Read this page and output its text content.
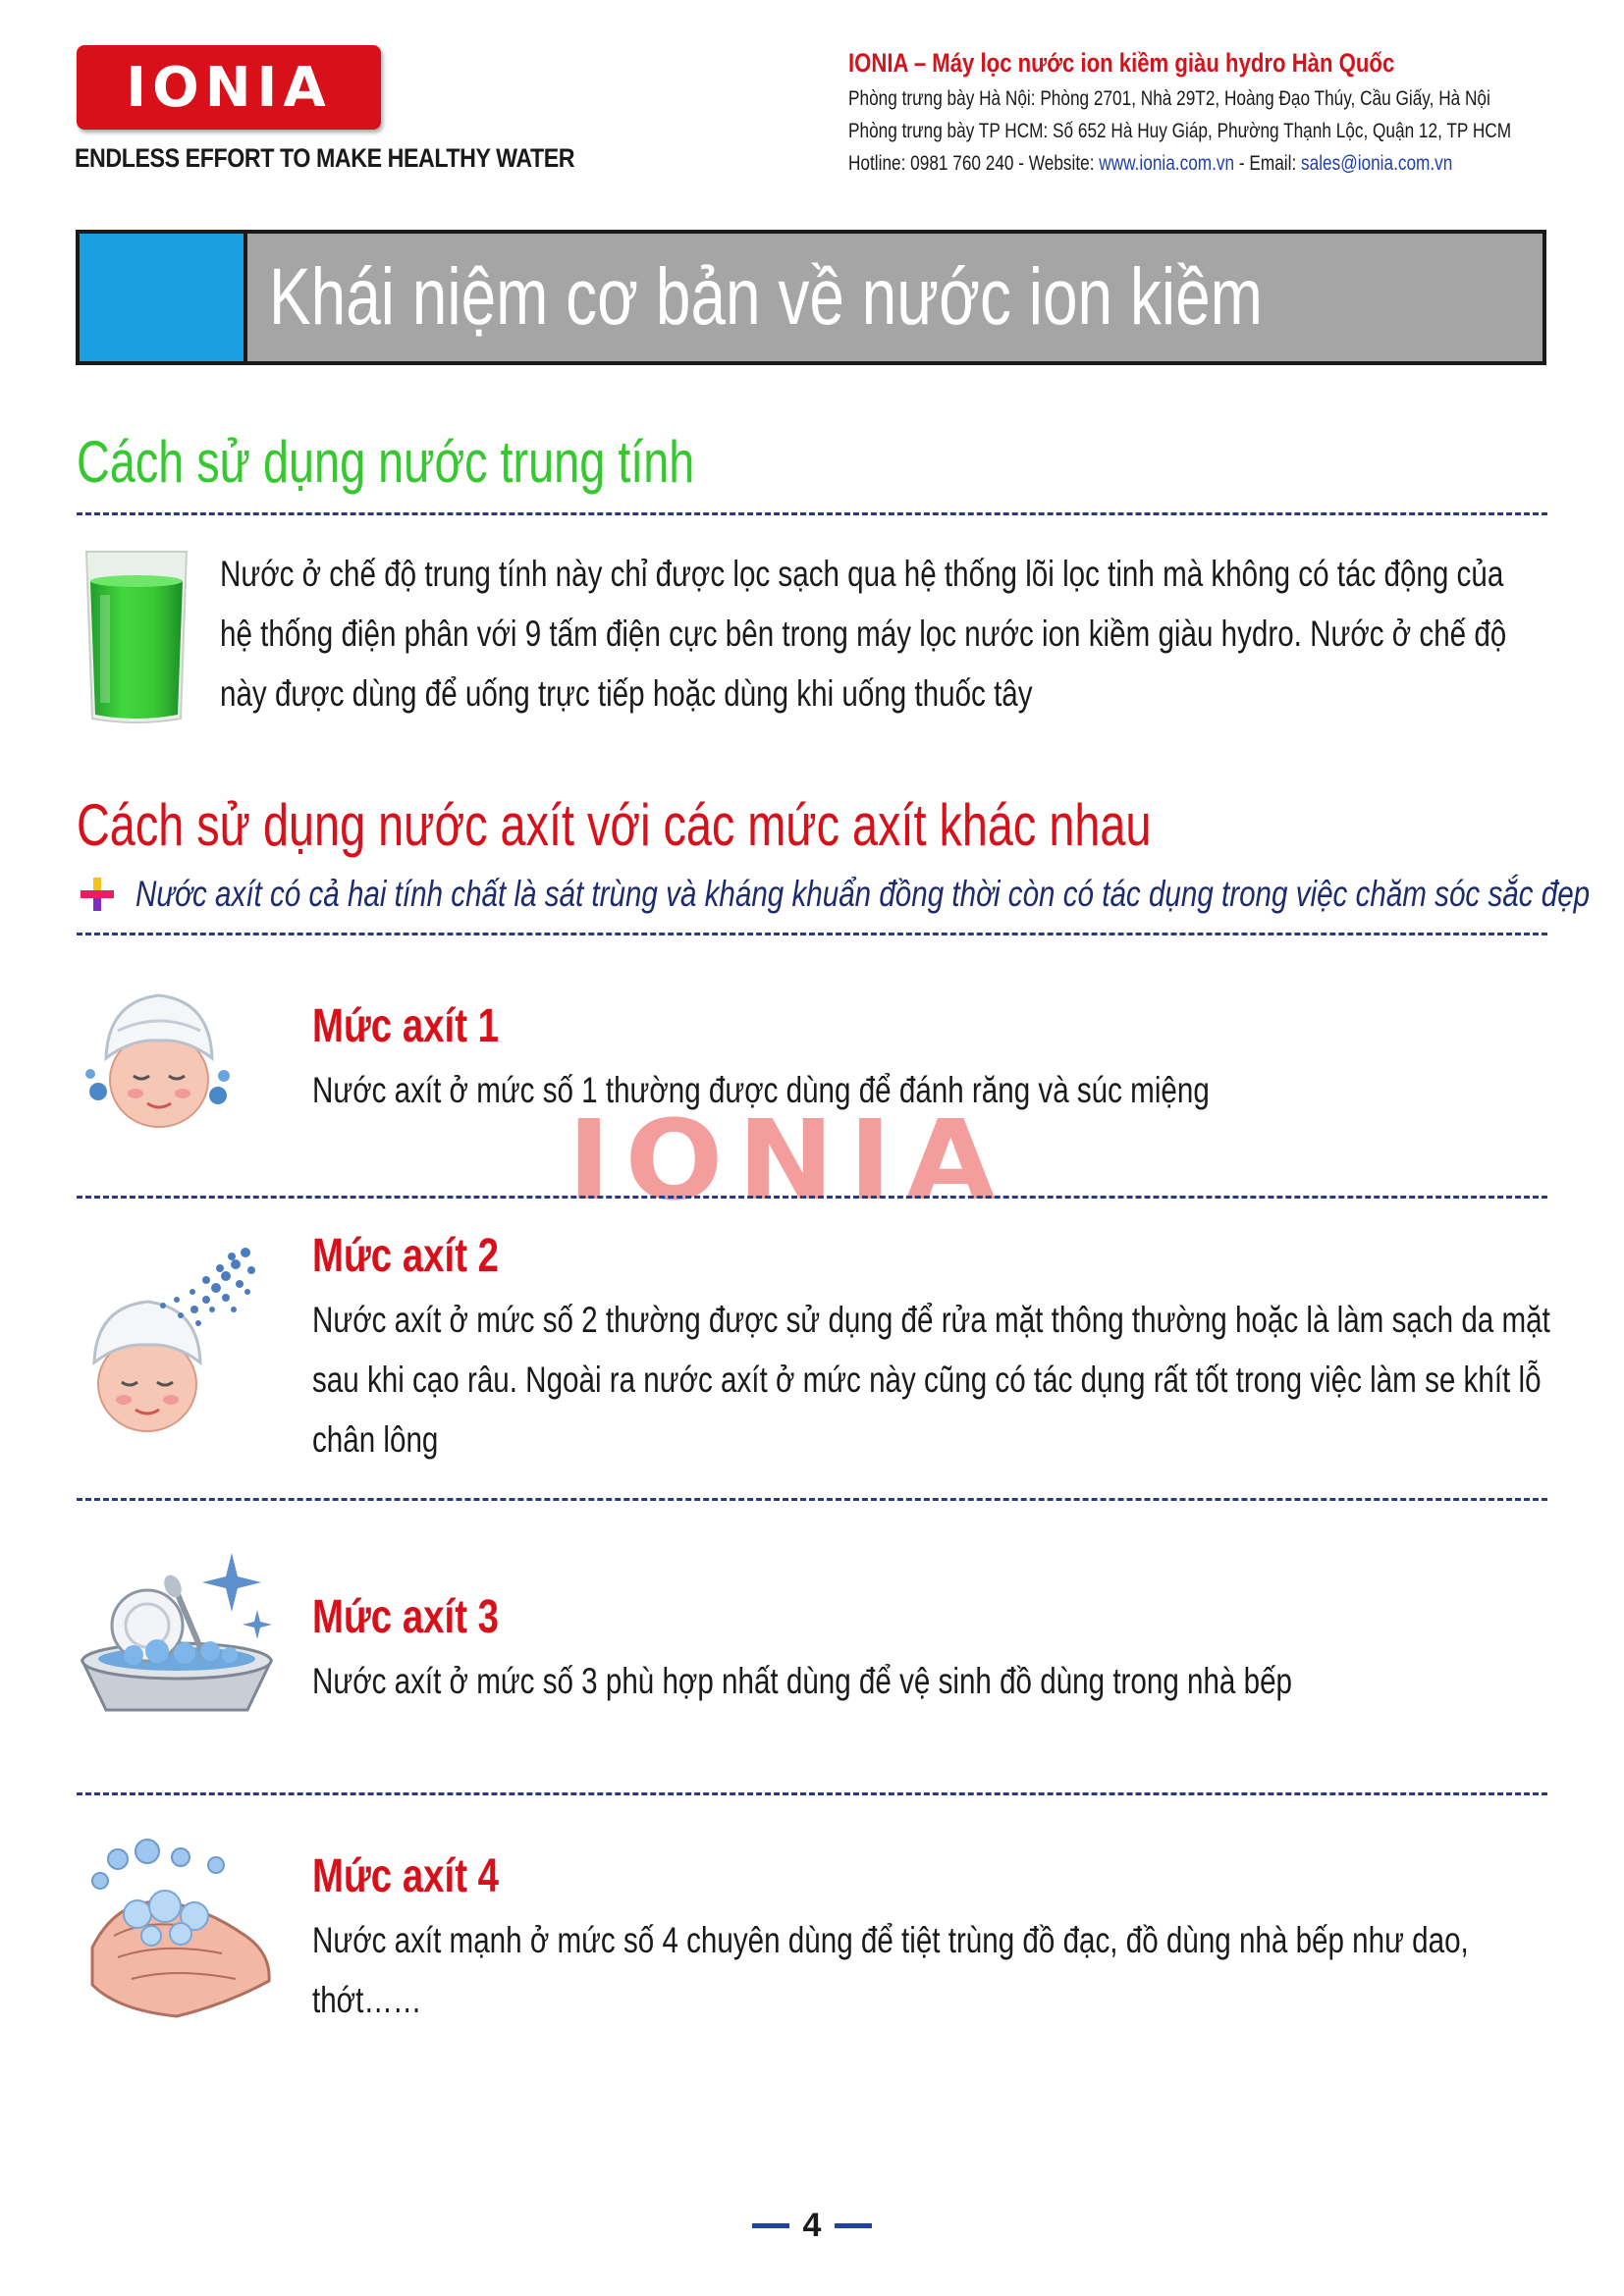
IONIA
ENDLESS EFFORT TO MAKE HEALTHY WATER
IONIA – Máy lọc nước ion kiềm giàu hydro Hàn Quốc
Phòng trưng bày Hà Nội: Phòng 2701, Nhà 29T2, Hoàng Đạo Thúy, Cầu Giấy, Hà Nội
Phòng trưng bày TP HCM: Số 652 Hà Huy Giáp, Phường Thạnh Lộc, Quận 12, TP HCM
Hotline: 0981 760 240 - Website: www.ionia.com.vn - Email: sales@ionia.com.vn
Khái niệm cơ bản về nước ion kiềm
Cách sử dụng nước trung tính
Nước ở chế độ trung tính này chỉ được lọc sạch qua hệ thống lõi lọc tinh mà không có tác động của
hệ thống điện phân với 9 tấm điện cực bên trong máy lọc nước ion kiềm giàu hydro. Nước ở chế độ
này được dùng để uống trực tiếp hoặc dùng khi uống thuốc tây
Cách sử dụng nước axít với các mức axít khác nhau
Nước axít có cả hai tính chất là sát trùng và kháng khuẩn đồng thời còn có tác dụng trong việc chăm sóc sắc đẹp
Mức axít 1
Nước axít ở mức số 1 thường được dùng để đánh răng và súc miệng
IONIA
Mức axít 2
Nước axít ở mức số 2 thường được sử dụng để rửa mặt thông thường hoặc là làm sạch da mặt
sau khi cạo râu. Ngoài ra nước axít ở mức này cũng có tác dụng rất tốt trong việc làm se khít lỗ
chân lông
Mức axít 3
Nước axít ở mức số 3 phù hợp nhất dùng để vệ sinh đồ dùng trong nhà bếp
Mức axít 4
Nước axít mạnh ở mức số 4 chuyên dùng để tiệt trùng đồ đạc, đồ dùng nhà bếp như dao,
thớt……
4
